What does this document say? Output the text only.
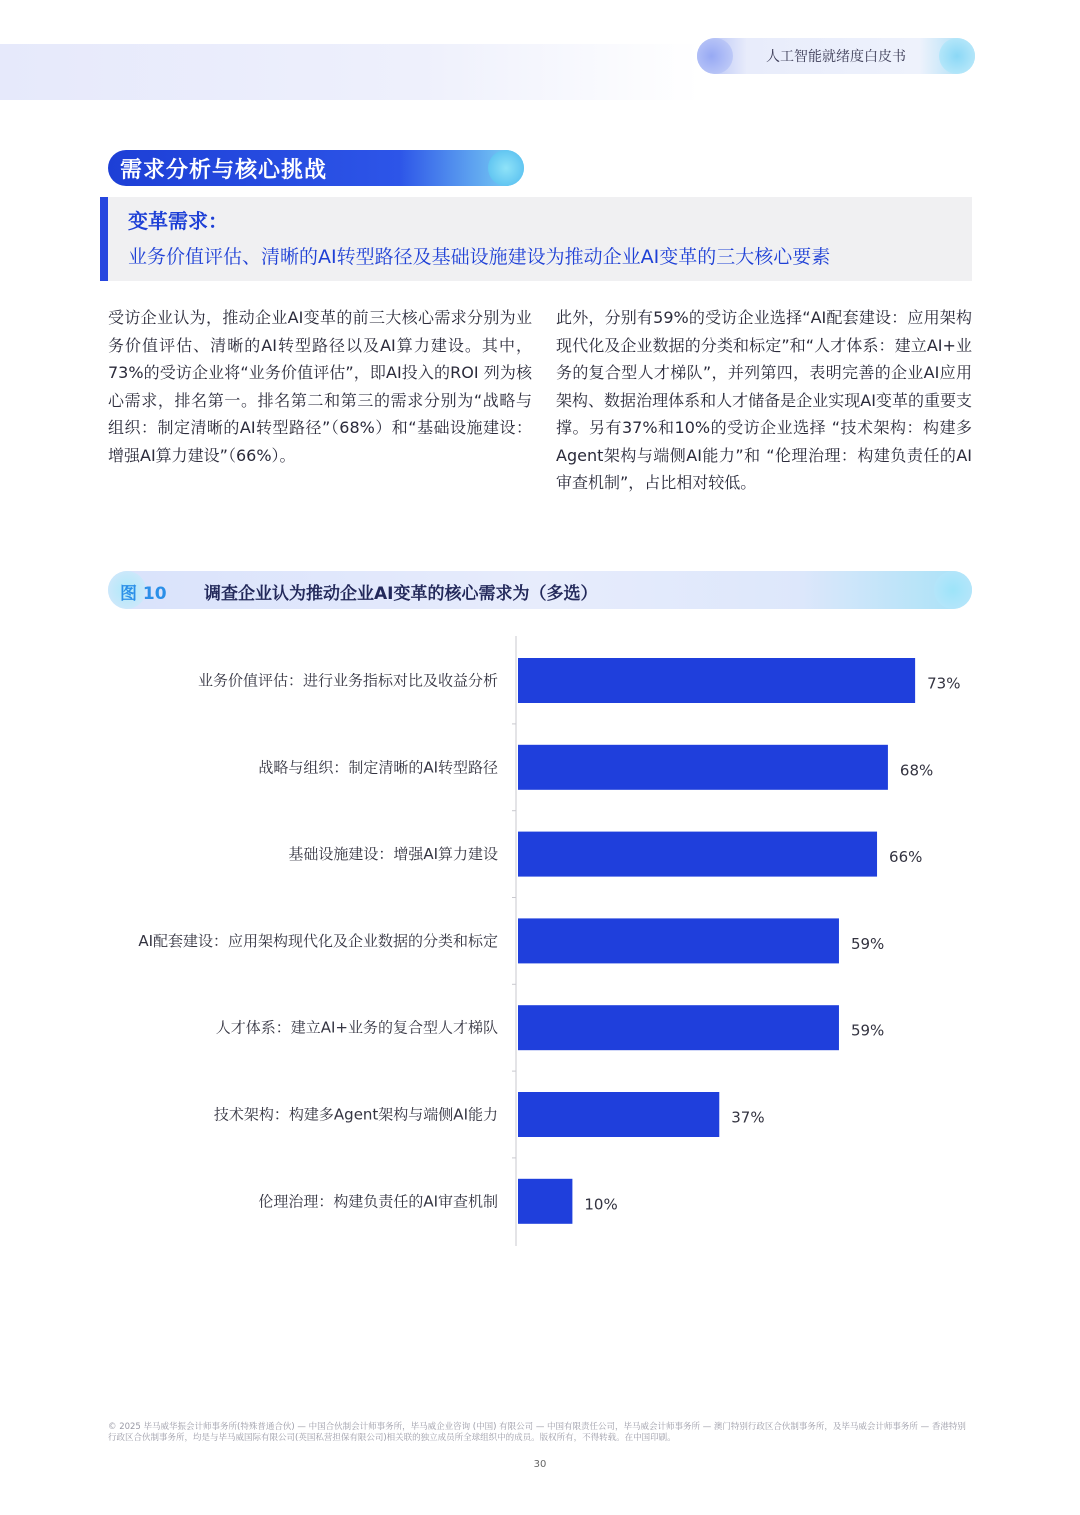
人工智能就绪度白皮书
需求分析与核心挑战
变革需求：
业务价值评估、清晰的AI转型路径及基础设施建设为推动企业AI变革的三大核心要素
受访企业认为，推动企业AI变革的前三大核心需求分别为业务价值评估、清晰的AI转型路径以及AI算力建设。其中，73%的受访企业将“业务价值评估”，即AI投入的ROI 列为核心需求，排名第一。排名第二和第三的需求分别为“战略与组织：制定清晰的AI转型路径”（68%）和“基础设施建设：增强AI算力建设”（66%）。
此外，分别有59%的受访企业选择“AI配套建设：应用架构现代化及企业数据的分类和标定”和“人才体系：建立AI+业务的复合型人才梯队”，并列第四，表明完善的企业AI应用架构、数据治理体系和人才储备是企业实现AI变革的重要支撑。另有37%和10%的受访企业选择 “技术架构：构建多Agent架构与端侧AI能力”和 “伦理治理：构建负责任的AI审查机制”，占比相对较低。
图 10 调查企业认为推动企业AI变革的核心需求为（多选）
业务价值评估：进行业务指标对比及收益分析	73%
战略与组织：制定清晰的AI转型路径	68%
基础设施建设：增强AI算力建设	66%
AI配套建设：应用架构现代化及企业数据的分类和标定	59%
人才体系：建立AI+业务的复合型人才梯队	59%
技术架构：构建多Agent架构与端侧AI能力	37%
伦理治理：构建负责任的AI审查机制	10%
© 2025 毕马威华振会计师事务所(特殊普通合伙) — 中国合伙制会计师事务所，毕马威企业咨询 (中国) 有限公司 — 中国有限责任公司，毕马威会计师事务所 — 澳门特别行政区合伙制事务所，及毕马威会计师事务所 — 香港特别行政区合伙制事务所，均是与毕马威国际有限公司(英国私营担保有限公司)相关联的独立成员所全球组织中的成员。版权所有，不得转载。在中国印刷。
30
